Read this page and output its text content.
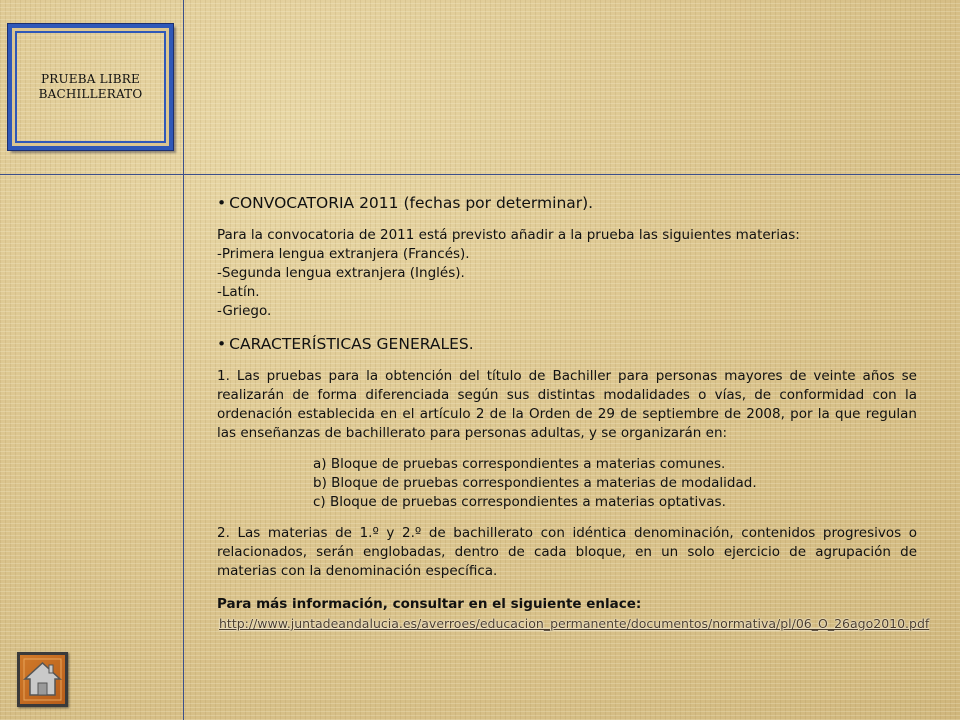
PRUEBA LIBRE
BACHILLERATO

• CONVOCATORIA 2011 (fechas por determinar).

Para la convocatoria de 2011 está previsto añadir a la prueba las siguientes materias:

-Primera lengua extranjera (Francés).

-Segunda lengua extranjera (Inglés).

-Latín.

-Griego.

• CARACTERÍSTICAS GENERALES.

1. Las pruebas para la obtención del título de Bachiller para personas mayores de veinte años se realizarán de forma diferenciada según sus distintas modalidades o vías, de conformidad con la ordenación establecida en el artículo 2 de la Orden de 29 de septiembre de 2008, por la que regulan las enseñanzas de bachillerato para personas adultas, y se organizarán en:

a) Bloque de pruebas correspondientes a materias comunes.

b) Bloque de pruebas correspondientes a materias de modalidad.

c) Bloque de pruebas correspondientes a materias optativas.

2. Las materias de 1.º y 2.º de bachillerato con idéntica denominación, contenidos progresivos o relacionados, serán englobadas, dentro de cada bloque, en un solo ejercicio de agrupación de materias con la denominación específica.

Para más información, consultar en el siguiente enlace:

http://www.juntadeandalucia.es/averroes/educacion_permanente/documentos/normativa/pl/06_O_26ago2010.pdf
